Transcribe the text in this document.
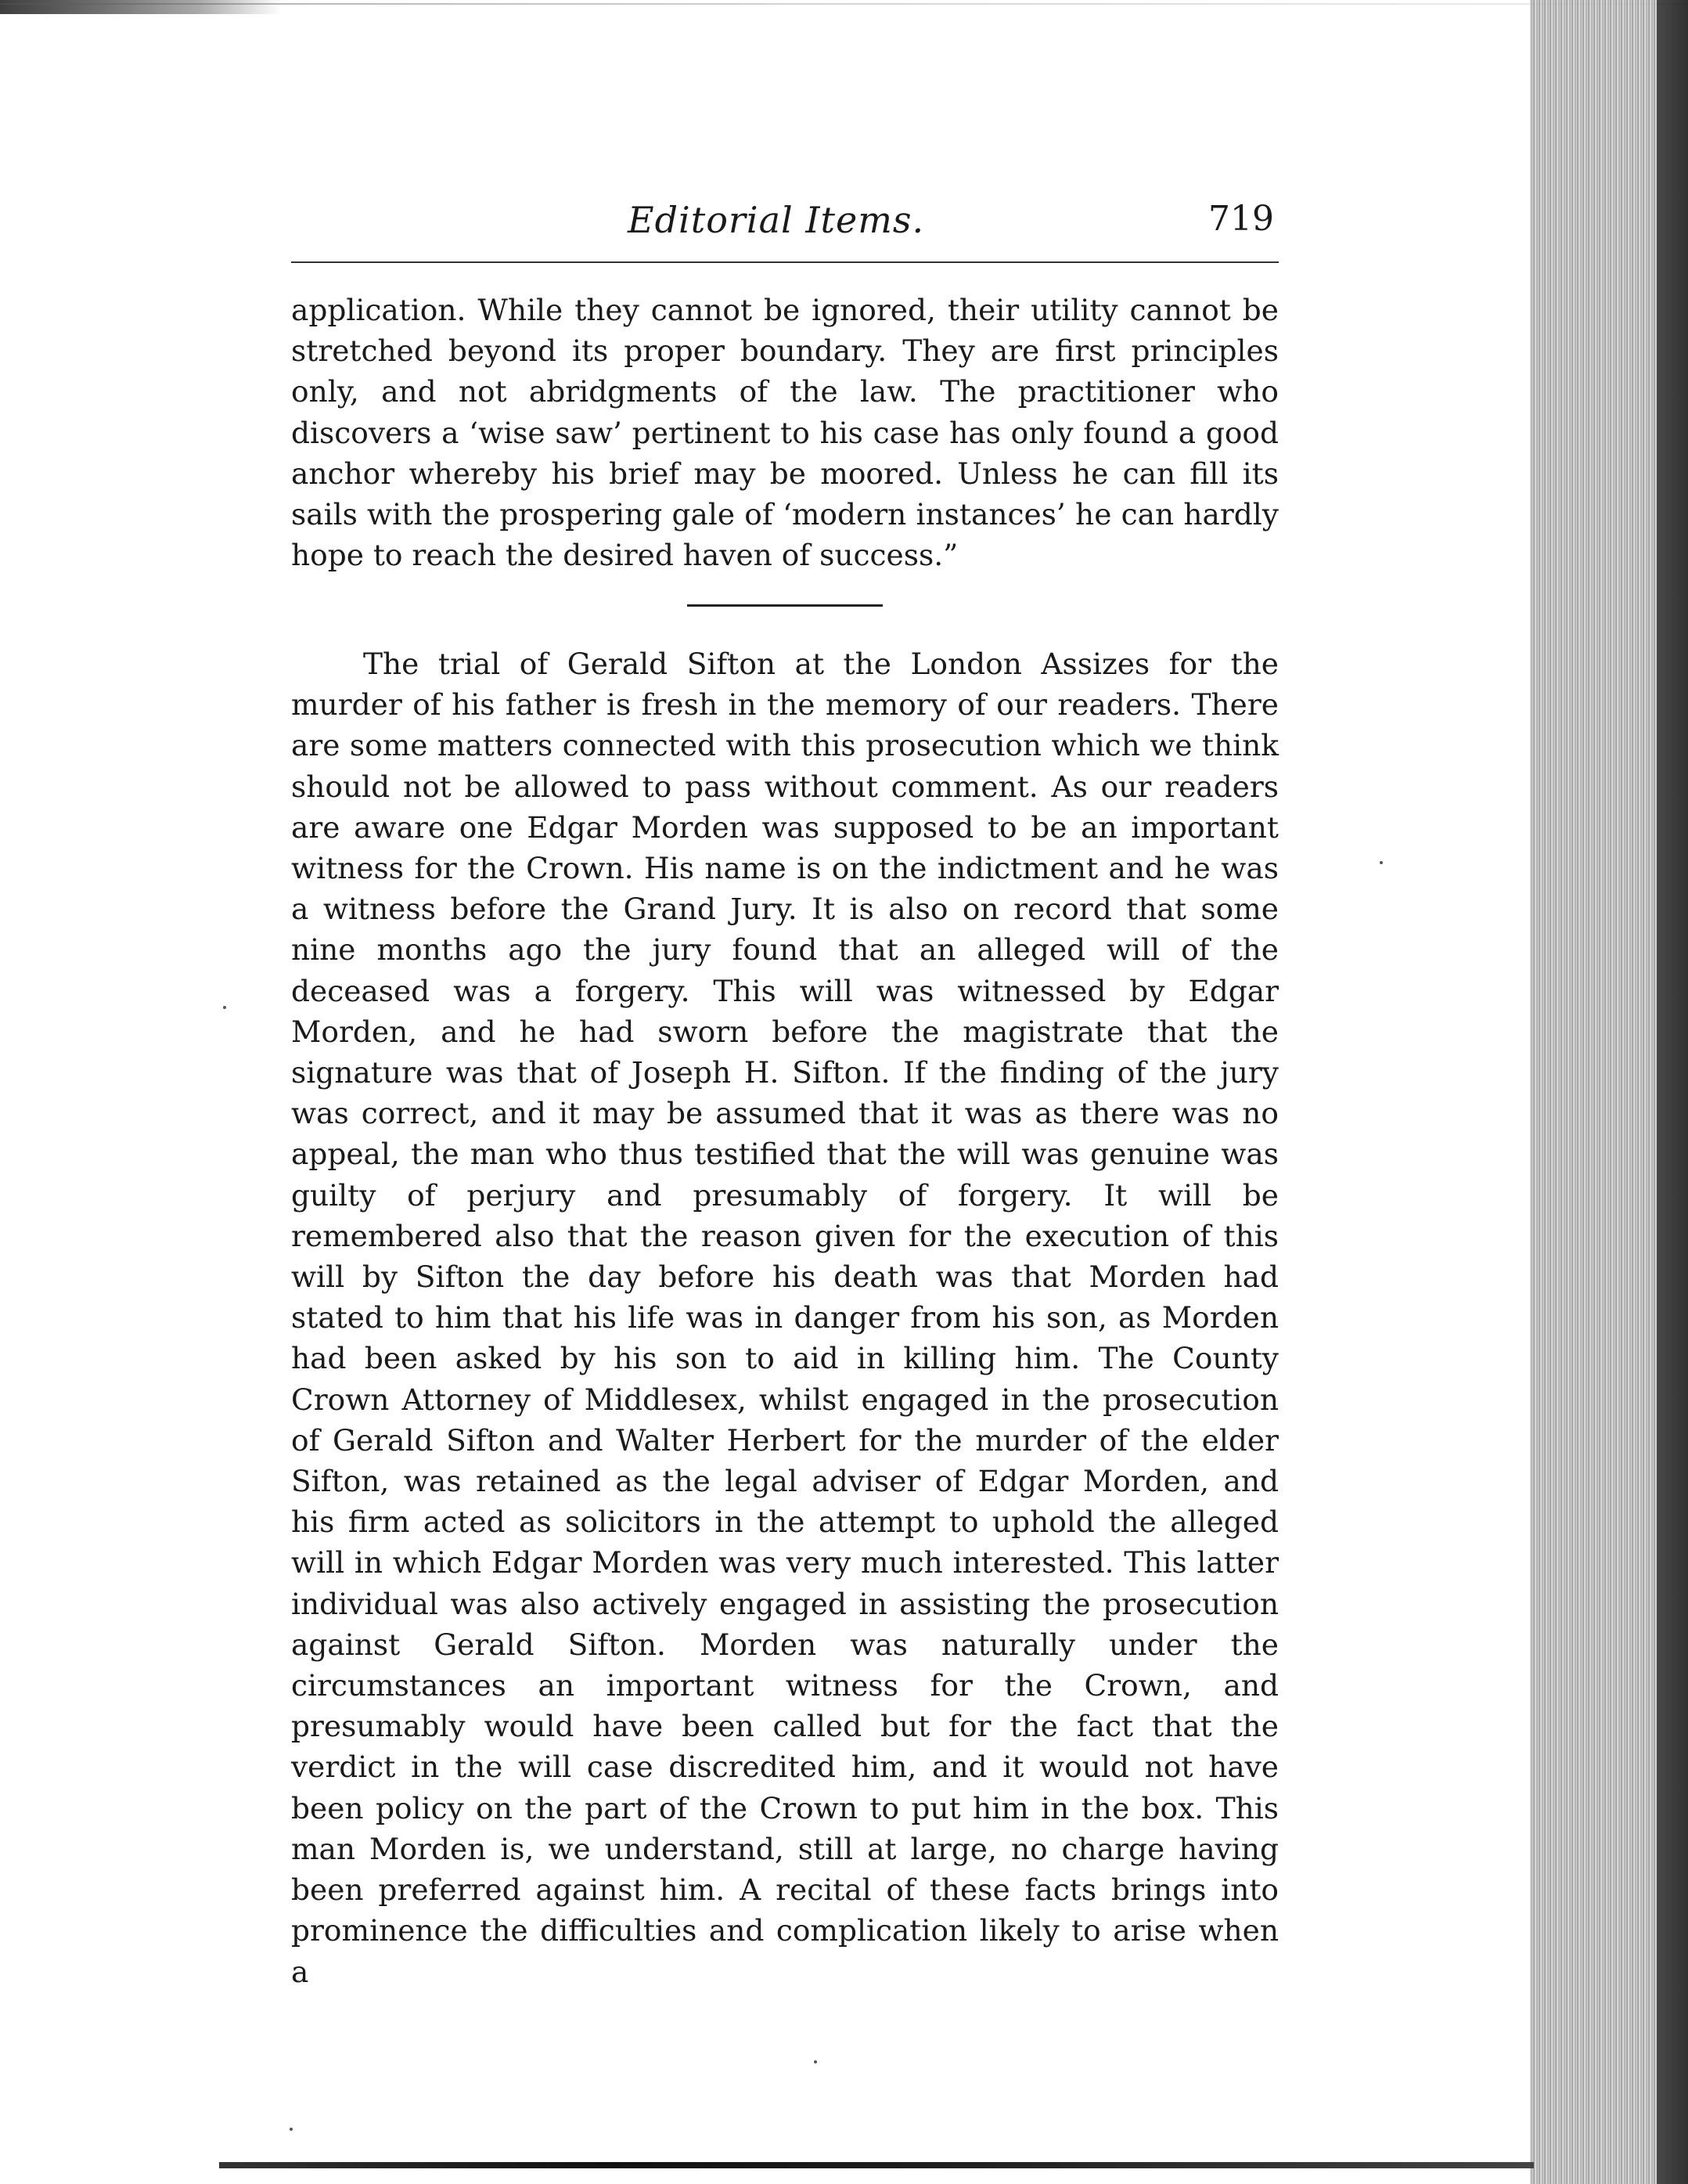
Editorial Items.	719

application. While they cannot be ignored, their utility cannot be stretched beyond its proper boundary. They are first principles only, and not abridgments of the law. The practitioner who discovers a ‘wise saw’ pertinent to his case has only found a good anchor whereby his brief may be moored. Unless he can fill its sails with the prospering gale of ‘modern instances’ he can hardly hope to reach the desired haven of success.”

The trial of Gerald Sifton at the London Assizes for the murder of his father is fresh in the memory of our readers. There are some matters connected with this prosecution which we think should not be allowed to pass without comment. As our readers are aware one Edgar Morden was supposed to be an important witness for the Crown. His name is on the indictment and he was a witness before the Grand Jury. It is also on record that some nine months ago the jury found that an alleged will of the deceased was a forgery. This will was witnessed by Edgar Morden, and he had sworn before the magistrate that the signature was that of Joseph H. Sifton. If the finding of the jury was correct, and it may be assumed that it was as there was no appeal, the man who thus testified that the will was genuine was guilty of perjury and presumably of forgery. It will be remembered also that the reason given for the execution of this will by Sifton the day before his death was that Morden had stated to him that his life was in danger from his son, as Morden had been asked by his son to aid in killing him. The County Crown Attorney of Middlesex, whilst engaged in the prosecution of Gerald Sifton and Walter Herbert for the murder of the elder Sifton, was retained as the legal adviser of Edgar Morden, and his firm acted as solicitors in the attempt to uphold the alleged will in which Edgar Morden was very much interested. This latter individual was also actively engaged in assisting the prosecution against Gerald Sifton. Morden was naturally under the circumstances an important witness for the Crown, and presumably would have been called but for the fact that the verdict in the will case discredited him, and it would not have been policy on the part of the Crown to put him in the box. This man Morden is, we understand, still at large, no charge having been preferred against him. A recital of these facts brings into prominence the difficulties and complication likely to arise when a
